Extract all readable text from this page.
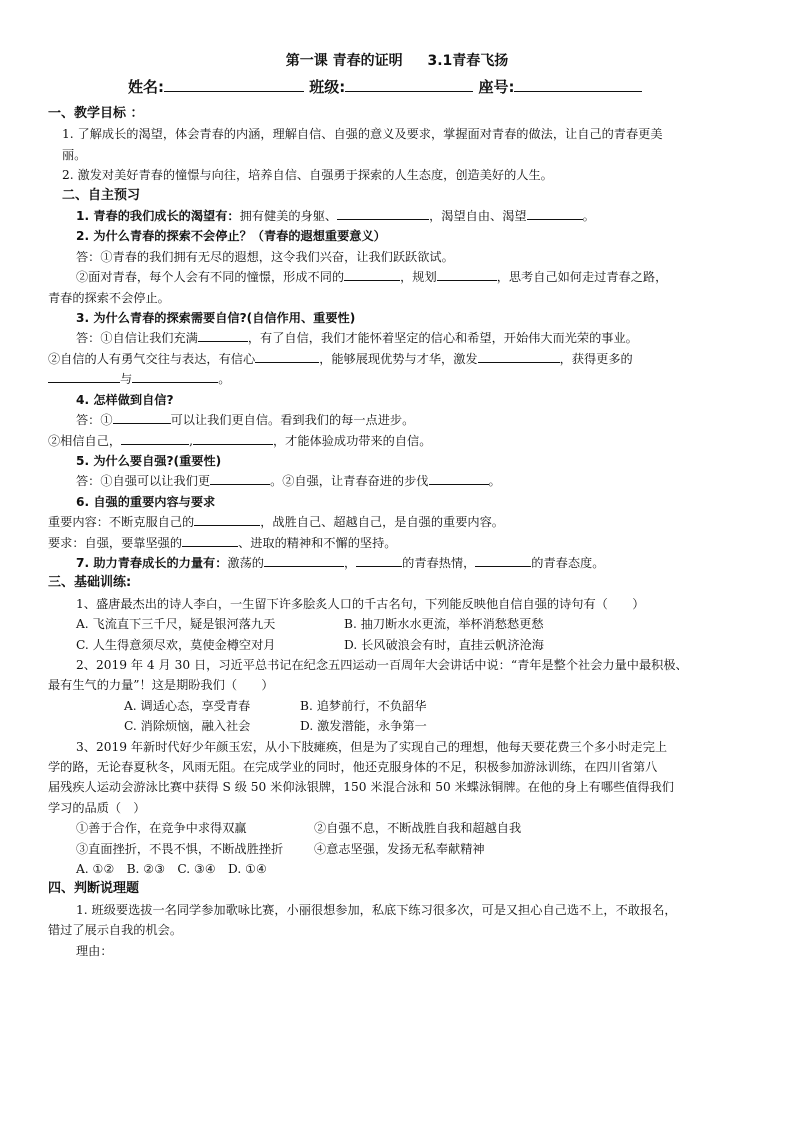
第一课 青春的证明 3.1青春飞扬
姓名:	班级:	座号:
一、教学目标 ：
1. 了解成长的渴望，体会青春的内涵，理解自信、自强的意义及要求，掌握面对青春的做法，让自己的青春更美
丽。
2. 激发对美好青春的憧憬与向往，培养自信、自强勇于探索的人生态度，创造美好的人生。
二、自主预习
1. 青春的我们成长的渴望有：拥有健美的身躯、	，渴望自由、渴望	。
2. 为什么青春的探索不会停止？（青春的遐想重要意义）
答：①青春的我们拥有无尽的遐想，这令我们兴奋，让我们跃跃欲试。
②面对青春，每个人会有不同的憧憬，形成不同的	，规划	，思考自己如何走过青春之路，
青春的探索不会停止。
3. 为什么青春的探索需要自信?(自信作用、重要性)
答：①自信让我们充满	，有了自信，我们才能怀着坚定的信心和希望，开始伟大而光荣的事业。
②自信的人有勇气交往与表达，有信心	，能够展现优势与才华，激发	，获得更多的
与	。
4. 怎样做到自信?
答：①	可以让我们更自信。看到我们的每一点进步。
②相信自己，	,	，才能体验成功带来的自信。
5. 为什么要自强?(重要性)
答：①自强可以让我们更	。②自强，让青春奋进的步伐	。
6. 自强的重要内容与要求
重要内容：不断克服自己的	，战胜自己、超越自己，是自强的重要内容。
要求：自强，要靠坚强的	、进取的精神和不懈的坚持。
7. 助力青春成长的力量有：激荡的	，	的青春热情，	的青春态度。
三、基础训练:
1、盛唐最杰出的诗人李白，一生留下许多脍炙人口的千古名句，下列能反映他自信自强的诗句有（　　）
A. 飞流直下三千尺，疑是银河落九天	B. 抽刀断水水更流，举杯消愁愁更愁
C. 人生得意须尽欢，莫使金樽空对月	D. 长风破浪会有时，直挂云帆济沧海
2、2019 年 4 月 30 日，习近平总书记在纪念五四运动一百周年大会讲话中说：“青年是整个社会力量中最积极、
最有生气的力量”！这是期盼我们（　　）
A. 调适心态，享受青春	B. 追梦前行，不负韶华
C. 消除烦恼，融入社会	D. 激发潜能，永争第一
3、2019 年新时代好少年颜玉宏，从小下肢瘫痪，但是为了实现自己的理想，他每天要花费三个多小时走完上
学的路，无论春夏秋冬，风雨无阻。在完成学业的同时，他还克服身体的不足，积极参加游泳训练，在四川省第八
届残疾人运动会游泳比赛中获得 S 级 50 米仰泳银牌，150 米混合泳和 50 米蝶泳铜牌。在他的身上有哪些值得我们
学习的品质（　）
①善于合作，在竞争中求得双赢	②自强不息，不断战胜自我和超越自我
③直面挫折，不畏不惧，不断战胜挫折	④意志坚强，发扬无私奉献精神
A. ①②　B. ②③　C. ③④　D. ①④
四、判断说理题
1. 班级要选拔一名同学参加歌咏比赛，小丽很想参加，私底下练习很多次，可是又担心自己选不上，不敢报名，
错过了展示自我的机会。
理由：
